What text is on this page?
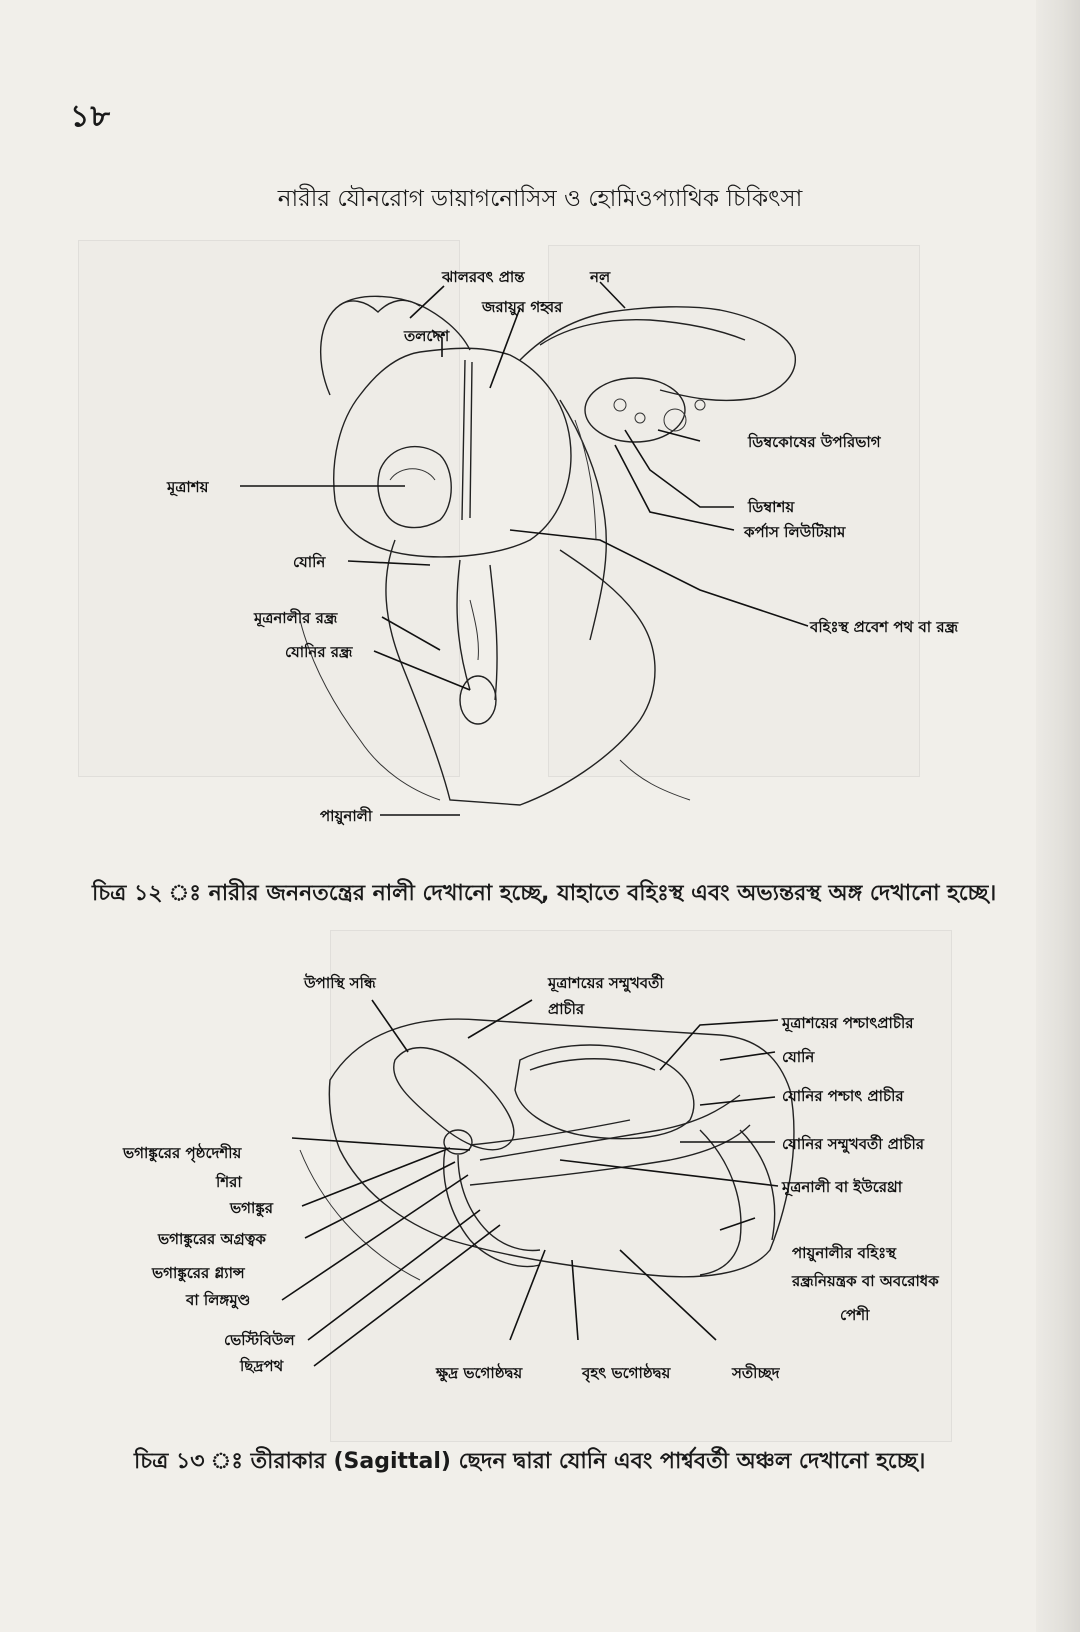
১৮
নারীর যৌনরোগ ডায়াগনোসিস ও হোমিওপ্যাথিক চিকিৎসা
ঝালরবৎ প্রান্ত	নল
জরায়ুর গহ্বর
তলদেশ
ডিম্বকোষের উপরিভাগ
মূত্রাশয়
ডিম্বাশয়
কর্পাস লিউটিয়াম
যোনি
মূত্রনালীর রন্ধ্র	বহিঃস্থ প্রবেশ পথ বা রন্ধ্র
যোনির রন্ধ্র
পায়ুনালী
চিত্র ১২ ঃ নারীর জননতন্ত্রের নালী দেখানো হচ্ছে, যাহাতে বহিঃস্থ এবং অভ্যন্তরস্থ অঙ্গ দেখানো হচ্ছে।
উপাস্থি সন্ধি	মূত্রাশয়ের সম্মুখবর্তী
প্রাচীর
মূত্রাশয়ের পশ্চাৎপ্রাচীর
যোনি
যোনির পশ্চাৎ প্রাচীর
ভগাঙ্কুরের পৃষ্ঠদেশীয়
শিরা
যোনির সম্মুখবর্তী প্রাচীর
মূত্রনালী বা ইউরেথ্রা
ভগাঙ্কুর
ভগাঙ্কুরের অগ্রত্বক
ভগাঙ্কুরের গ্ল্যান্স
বা লিঙ্গমুণ্ড
পায়ুনালীর বহিঃস্থ
রন্ধ্রনিয়ন্ত্রক বা অবরোধক
পেশী
ভেস্টিবিউল
ছিদ্রপথ	ক্ষুদ্র ভগোষ্ঠদ্বয়	বৃহৎ ভগোষ্ঠদ্বয়	সতীচ্ছদ
চিত্র ১৩ ঃ তীরাকার (Sagittal) ছেদন দ্বারা যোনি এবং পার্শ্ববর্তী অঞ্চল দেখানো হচ্ছে।
